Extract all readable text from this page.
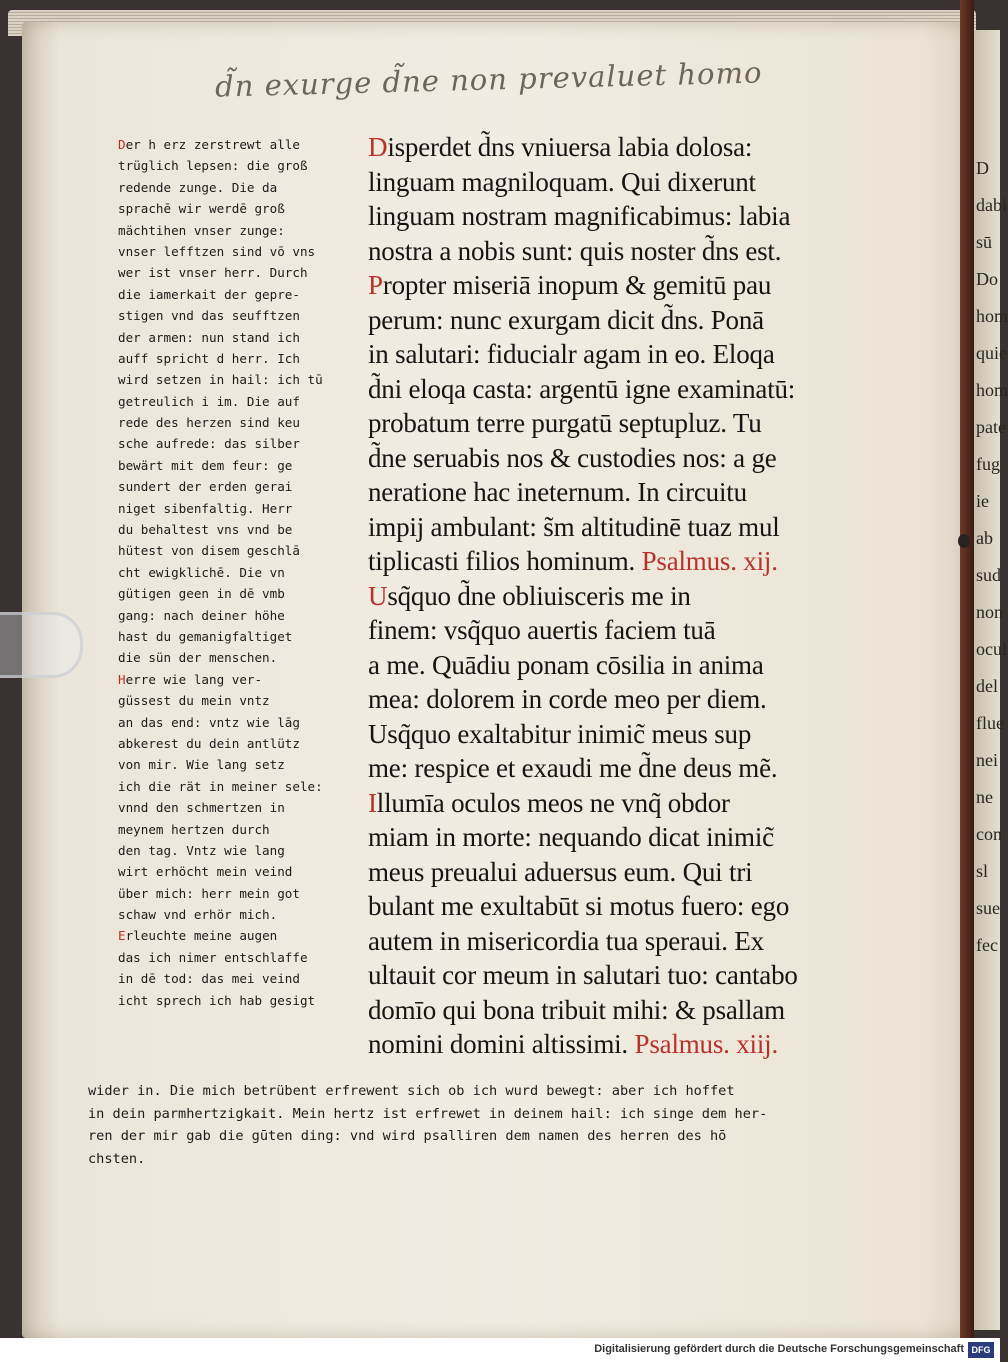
d̃n exurge d̃ne non prevaluet homo
Der h erz zerstrewt alle
trüglich lepsen: die groß
redende zunge. Die da
sprachē wir werdē groß
mächtihen vnser zunge:
vnser lefftzen sind vō vns
wer ist vnser herr. Durch
die iamerkait der gepre-
stigen vnd das seufftzen
der armen: nun stand ich
auff spricht d herr. Ich
wird setzen in hail: ich tū
getreulich i im. Die auf
rede des herzen sind keu
sche aufrede: das silber
bewärt mit dem feur: ge
sundert der erden gerai
niget sibenfaltig. Herr
du behaltest vns vnd be
hütest von disem geschlā
cht ewigklichē. Die vn
gütigen geen in dē vmb
gang: nach deiner höhe
hast du gemanigfaltiget
die sün der menschen.
Herre wie lang ver-
güssest du mein vntz
an das end: vntz wie lāg
abkerest du dein antlütz
von mir. Wie lang setz
ich die rät in meiner sele:
vnnd den schmertzen in
meynem hertzen durch
den tag. Vntz wie lang
wirt erhöcht mein veind
über mich: herr mein got
schaw vnd erhör mich.
Erleuchte meine augen
das ich nimer entschlaffe
in dē tod: das mei veind
icht sprech ich hab gesigt
Disperdet d̃ns vniuersa labia dolosa:
linguam magniloquam. Qui dixerunt
linguam nostram magnificabimus: labia
nostra a nobis sunt: quis noster d̃ns est.
Propter miseriā inopum & gemitū pau
perum: nunc exurgam dicit d̃ns. Ponā
in salutari: fiducialr agam in eo. Eloqa
d̃ni eloqa casta: argentū igne examinatū:
probatum terre purgatū septupluz. Tu
d̃ne seruabis nos & custodies nos: a ge
neratione hac ineternum. In circuitu
impij ambulant: s̃m altitudinē tuaz mul
tiplicasti filios hominum. Psalmus. xij.
Usq̃quo d̃ne obliuisceris me in
finem: vsq̃quo auertis faciem tuā
a me. Quādiu ponam cōsilia in anima
mea: dolorem in corde meo per diem.
Usq̃quo exaltabitur inimic̃ meus sup
me: respice et exaudi me d̃ne deus mẽ.
Illumīa oculos meos ne vnq̃ obdor
miam in morte: nequando dicat inimic̃
meus preualui aduersus eum. Qui tri
bulant me exultabūt si motus fuero: ego
autem in misericordia tua speraui. Ex
ultauit cor meum in salutari tuo: cantabo
domīo qui bona tribuit mihi: & psallam
nomini domini altissimi. Psalmus. xiij.
wider in. Die mich betrübent erfrewent sich ob ich wurd bewegt: aber ich hoffet
in dein parmhertzigkait. Mein hertz ist erfrewet in deinem hail: ich singe dem her-
ren der mir gab die gūten ding: vnd wird psalliren dem namen des herren des hō
chsten.
D
dabi
sū
Do
hom
quie
hom
pate
fug
ie
ab
sud
non
ocul
del
flue
nei
ne
con
sl
sue
fec
Digitalisierung gefördert durch die Deutsche Forschungsgemeinschaft DFG
